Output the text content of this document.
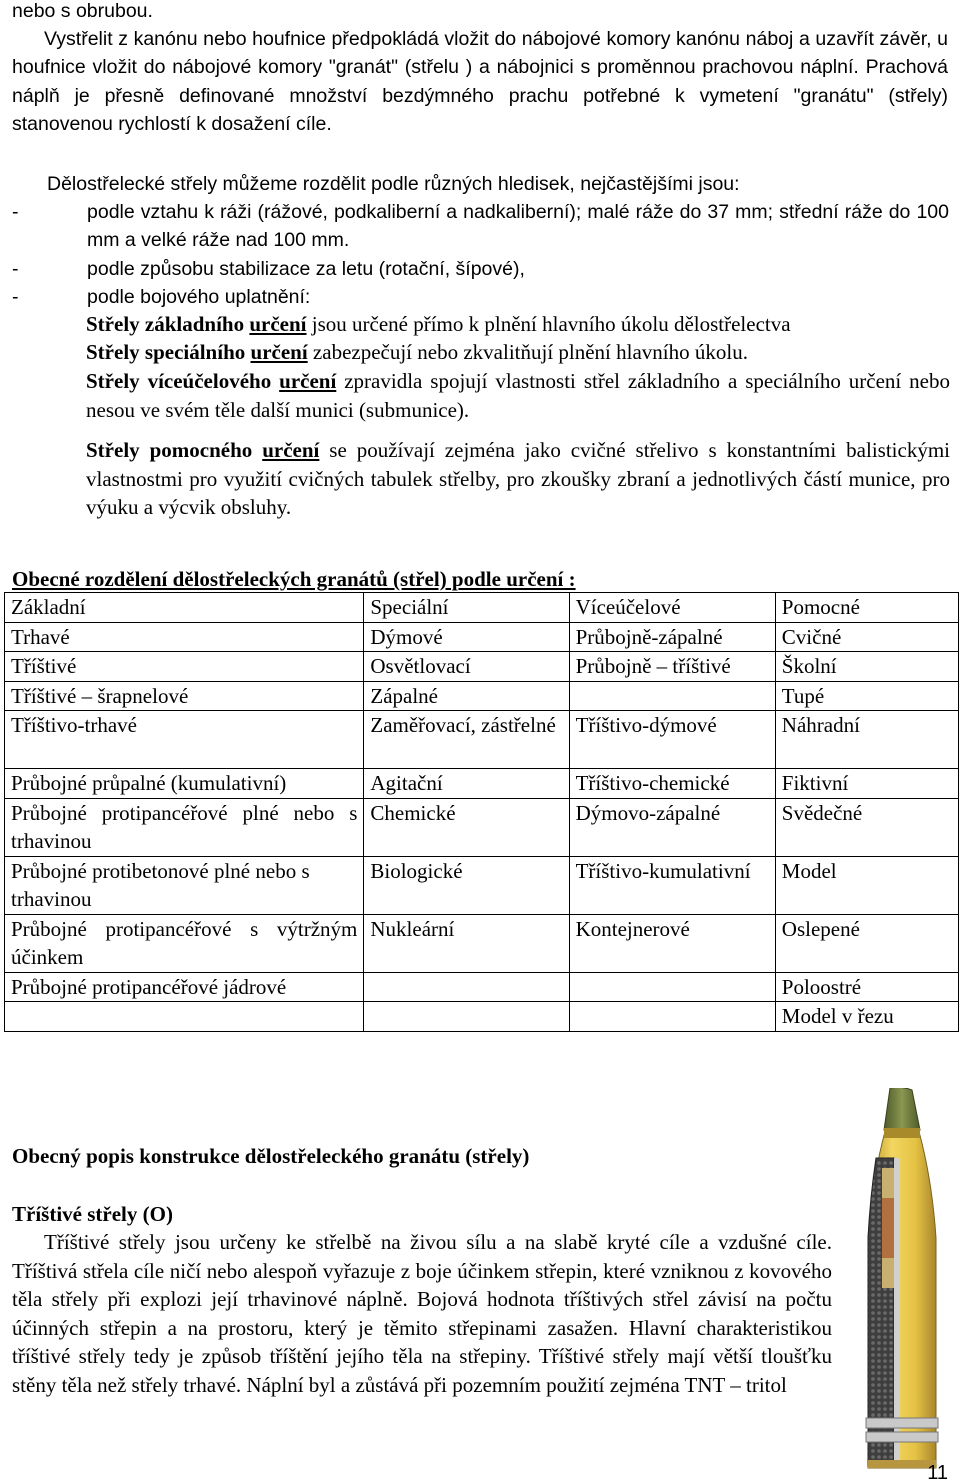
nebo s obrubou.
Vystřelit z kanónu nebo houfnice předpokládá vložit do nábojové komory kanónu náboj a uzavřít závěr, u houfnice vložit do nábojové komory "granát" (střelu ) a nábojnici s proměnnou prachovou náplní. Prachová náplň je přesně definované množství bezdýmného prachu potřebné k vymetení "granátu" (střely) stanovenou rychlostí k dosažení cíle.
Dělostřelecké střely můžeme rozdělit podle různých hledisek, nejčastějšími jsou:
-	podle vztahu k ráži (rážové, podkaliberní a nadkaliberní); malé ráže do 37 mm; střední ráže do 100 mm a velké ráže nad 100 mm.
-	podle způsobu stabilizace za letu (rotační, šípové),
-	podle bojového uplatnění:
Střely základního určení jsou určené přímo k plnění hlavního úkolu dělostřelectva
Střely speciálního určení zabezpečují nebo zkvalitňují plnění hlavního úkolu.
Střely víceúčelového určení zpravidla spojují vlastnosti střel základního a speciálního určení nebo nesou ve svém těle další munici (submunice).
Střely pomocného určení se používají zejména jako cvičné střelivo s konstantními balistickými vlastnostmi pro využití cvičných tabulek střelby, pro zkoušky zbraní a jednotlivých částí munice, pro výuku a výcvik obsluhy.
Obecné rozdělení dělostřeleckých granátů (střel) podle určení :
Základní	Speciální	Víceúčelové	Pomocné
Trhavé	Dýmové	Průbojně-zápalné	Cvičné
Tříštivé	Osvětlovací	Průbojně – tříštivé	Školní
Tříštivé – šrapnelové	Zápalné		Tupé
Tříštivo-trhavé	Zaměřovací, zástřelné	Tříštivo-dýmové	Náhradní
Průbojné průpalné (kumulativní)	Agitační	Tříštivo-chemické	Fiktivní
Průbojné protipancéřové plné nebo s trhavinou	Chemické	Dýmovo-zápalné	Svědečné
Průbojné protibetonové plné nebo s trhavinou	Biologické	Tříštivo-kumulativní	Model
Průbojné protipancéřové s výtržným účinkem	Nukleární	Kontejnerové	Oslepené
Průbojné protipancéřové jádrové			Poloostré
			Model v řezu
Obecný popis konstrukce dělostřeleckého granátu (střely)
Tříštivé střely (O)
Tříštivé střely jsou určeny ke střelbě na živou sílu a na slabě kryté cíle a vzdušné cíle. Tříštivá střela cíle ničí nebo alespoň vyřazuje z boje účinkem střepin, které vzniknou z kovového těla střely při explozi její trhavinové náplně. Bojová hodnota tříštivých střel závisí na počtu účinných střepin a na prostoru, který je těmito střepinami zasažen. Hlavní charakteristikou tříštivé střely tedy je způsob tříštění jejího těla na střepiny. Tříštivé střely mají větší tloušťku stěny těla než střely trhavé. Náplní byl a zůstává při pozemním použití zejména TNT – tritol
11
